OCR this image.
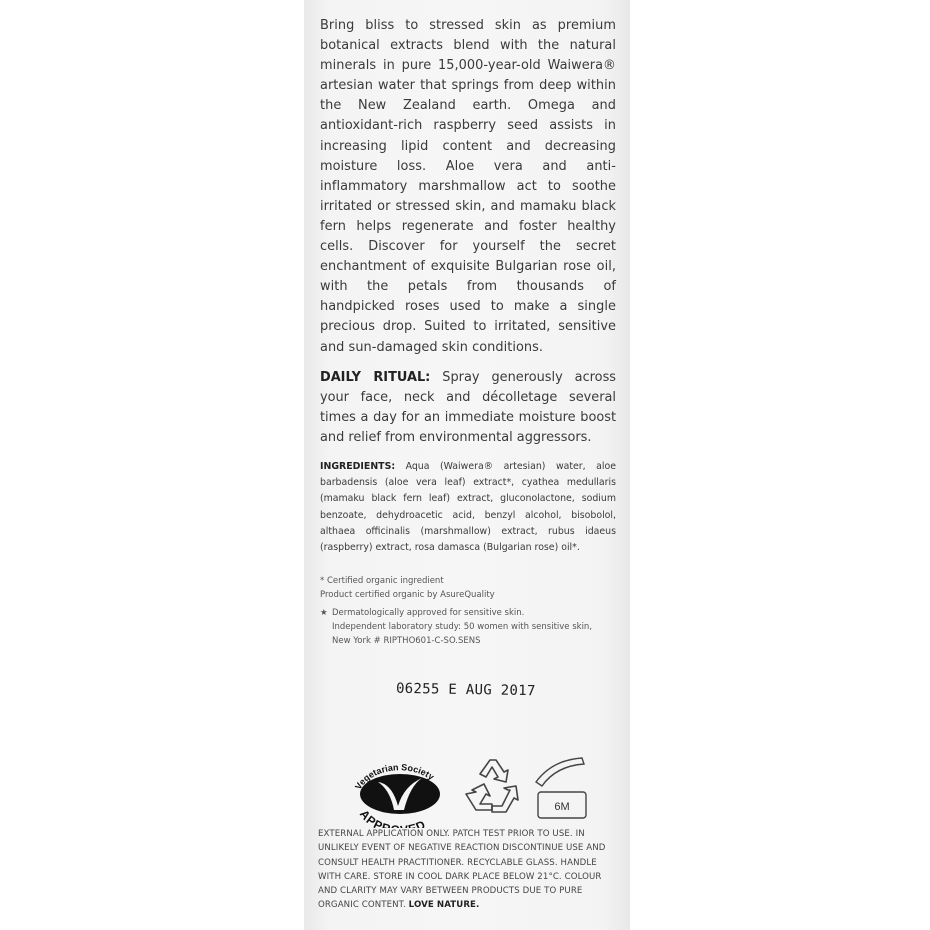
Bring bliss to stressed skin as premium botanical extracts blend with the natural minerals in pure 15,000-year-old Waiwera® artesian water that springs from deep within the New Zealand earth. Omega and antioxidant-rich raspberry seed assists in increasing lipid content and decreasing moisture loss. Aloe vera and anti-inflammatory marshmallow act to soothe irritated or stressed skin, and mamaku black fern helps regenerate and foster healthy cells. Discover for yourself the secret enchantment of exquisite Bulgarian rose oil, with the petals from thousands of handpicked roses used to make a single precious drop. Suited to irritated, sensitive and sun-damaged skin conditions.
DAILY RITUAL: Spray generously across your face, neck and décolletage several times a day for an immediate moisture boost and relief from environmental aggressors.
INGREDIENTS: Aqua (Waiwera® artesian) water, aloe barbadensis (aloe vera leaf) extract*, cyathea medullaris (mamaku black fern leaf) extract, gluconolactone, sodium benzoate, dehydroacetic acid, benzyl alcohol, bisobolol, althaea officinalis (marshmallow) extract, rubus idaeus (raspberry) extract, rosa damasca (Bulgarian rose) oil*.
* Certified organic ingredient
Product certified organic by AsureQuality
★ Dermatologically approved for sensitive skin.
Independent laboratory study: 50 women with sensitive skin,
New York # RIPTHO601-C-SO.SENS
06255 E AUG 2017
Vegetarian Society
APP D
6M
EXTERNAL APPLICATION ONLY. PATCH TEST PRIOR TO USE. IN UNLIKELY EVENT OF NEGATIVE REACTION DISCONTINUE USE AND CONSULT HEALTH PRACTITIONER. RECYCLABLE GLASS. HANDLE WITH CARE. STORE IN COOL DARK PLACE BELOW 21°C. COLOUR AND CLARITY MAY VARY BETWEEN PRODUCTS DUE TO PURE ORGANIC CONTENT. LOVE NATURE.
